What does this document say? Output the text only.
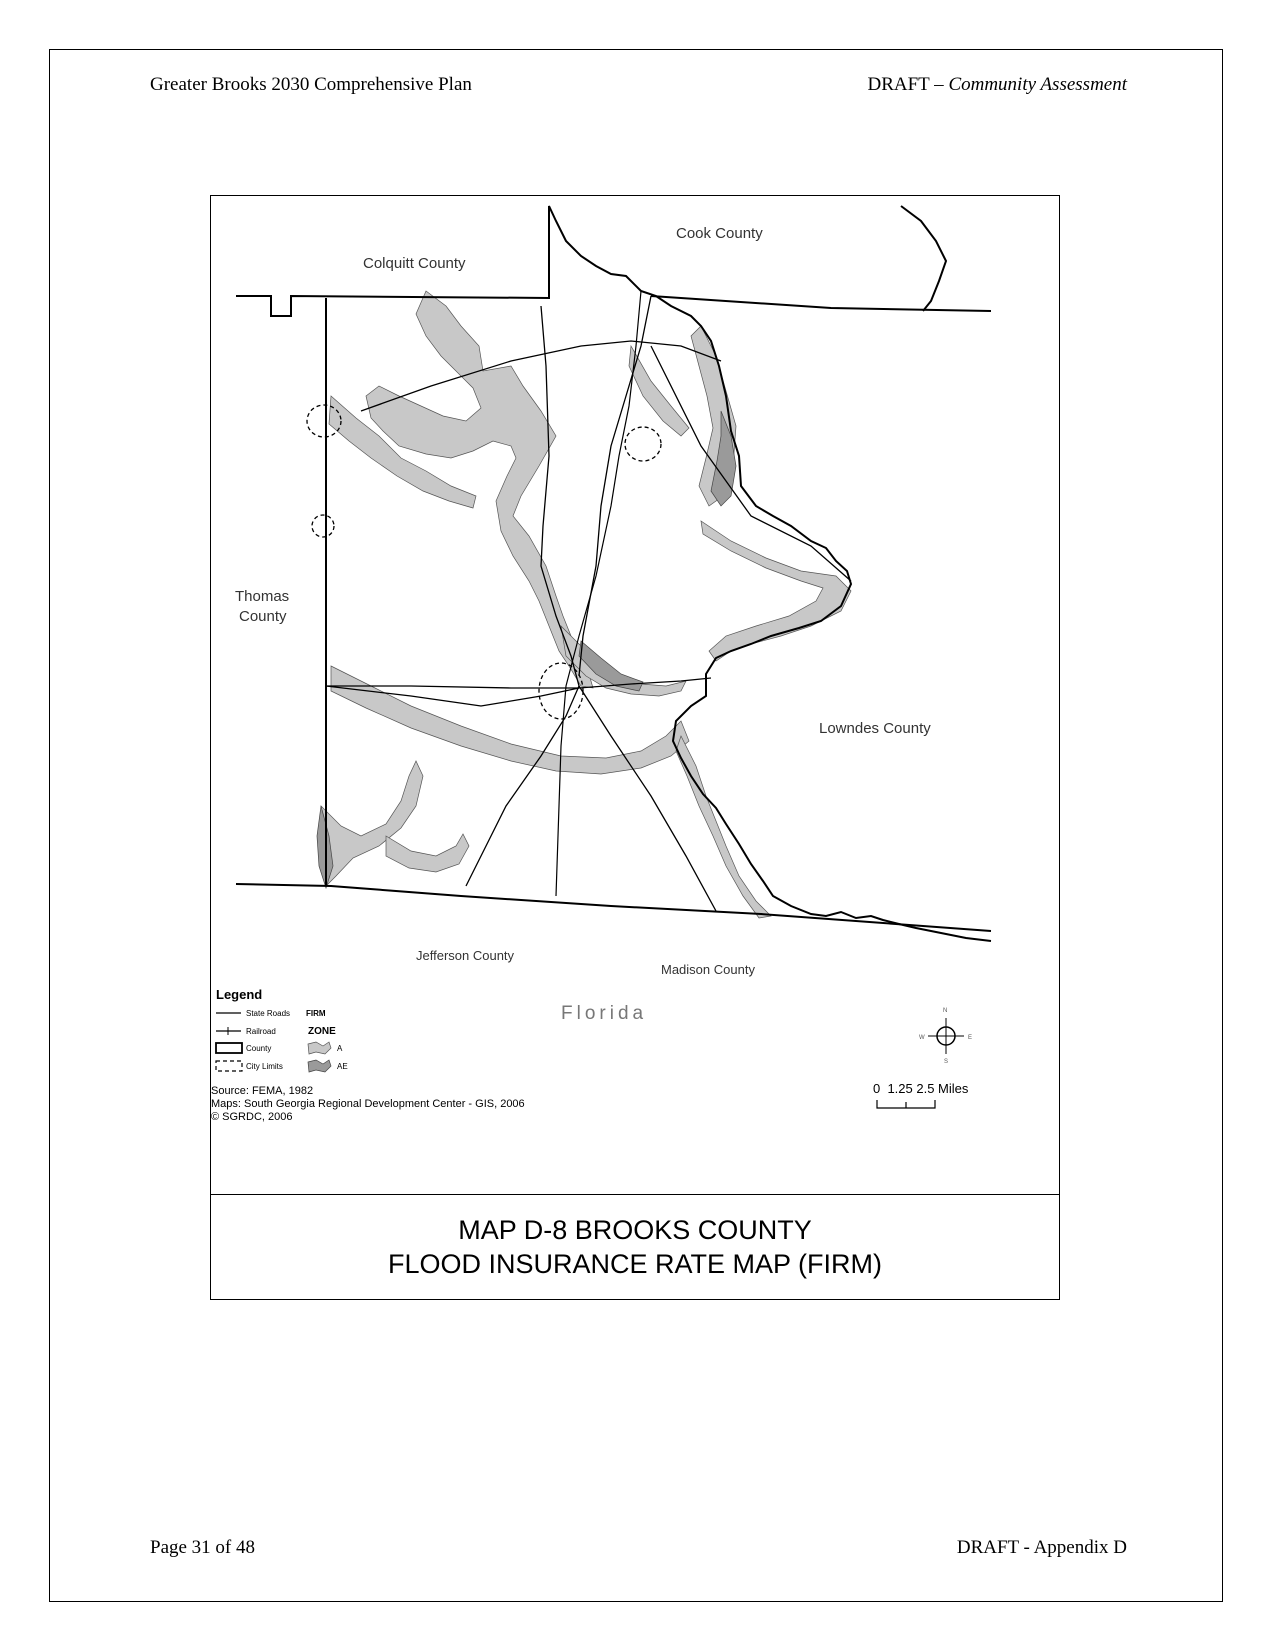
Greater Brooks 2030 Comprehensive Plan	DRAFT – Community Assessment
Colquitt County
Cook County
Thomas
County
Lowndes County
Jefferson County
Madison County
Florida
Legend
State Roads FIRM
Railroad	ZONE
County	A
City Limits	AE
Source: FEMA, 1982
Maps: South Georgia Regional Development Center - GIS, 2006
© SGRDC, 2006
N
S
W	E
0  1.25 2.5 Miles
MAP D-8 BROOKS COUNTY
FLOOD INSURANCE RATE MAP (FIRM)
Page 31 of 48	DRAFT - Appendix D
